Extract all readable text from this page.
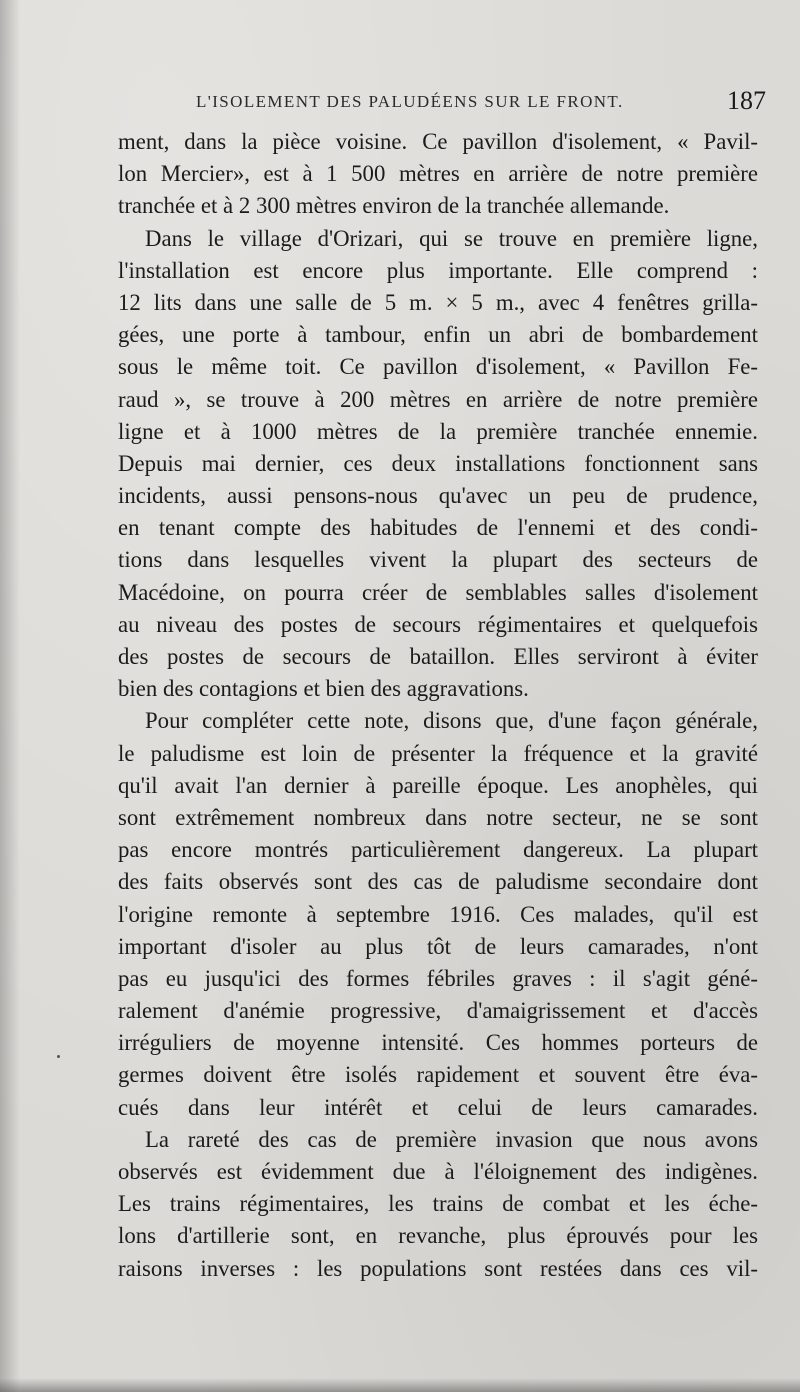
L'ISOLEMENT DES PALUDÉENS SUR LE FRONT.	187
ment, dans la pièce voisine. Ce pavillon d'isolement, « Pavil-
lon Mercier», est à 1 500 mètres en arrière de notre première
tranchée et à 2 300 mètres environ de la tranchée allemande.
Dans le village d'Orizari, qui se trouve en première ligne,
l'installation est encore plus importante. Elle comprend :
12 lits dans une salle de 5 m. × 5 m., avec 4 fenêtres grilla-
gées, une porte à tambour, enfin un abri de bombardement
sous le même toit. Ce pavillon d'isolement, « Pavillon Fe-
raud », se trouve à 200 mètres en arrière de notre première
ligne et à 1000 mètres de la première tranchée ennemie.
Depuis mai dernier, ces deux installations fonctionnent sans
incidents, aussi pensons-nous qu'avec un peu de prudence,
en tenant compte des habitudes de l'ennemi et des condi-
tions dans lesquelles vivent la plupart des secteurs de
Macédoine, on pourra créer de semblables salles d'isolement
au niveau des postes de secours régimentaires et quelquefois
des postes de secours de bataillon. Elles serviront à éviter
bien des contagions et bien des aggravations.
Pour compléter cette note, disons que, d'une façon générale,
le paludisme est loin de présenter la fréquence et la gravité
qu'il avait l'an dernier à pareille époque. Les anophèles, qui
sont extrêmement nombreux dans notre secteur, ne se sont
pas encore montrés particulièrement dangereux. La plupart
des faits observés sont des cas de paludisme secondaire dont
l'origine remonte à septembre 1916. Ces malades, qu'il est
important d'isoler au plus tôt de leurs camarades, n'ont
pas eu jusqu'ici des formes fébriles graves : il s'agit géné-
ralement d'anémie progressive, d'amaigrissement et d'accès
irréguliers de moyenne intensité. Ces hommes porteurs de
germes doivent être isolés rapidement et souvent être éva-
cués dans leur intérêt et celui de leurs camarades.
La rareté des cas de première invasion que nous avons
observés est évidemment due à l'éloignement des indigènes.
Les trains régimentaires, les trains de combat et les éche-
lons d'artillerie sont, en revanche, plus éprouvés pour les
raisons inverses : les populations sont restées dans ces vil-
